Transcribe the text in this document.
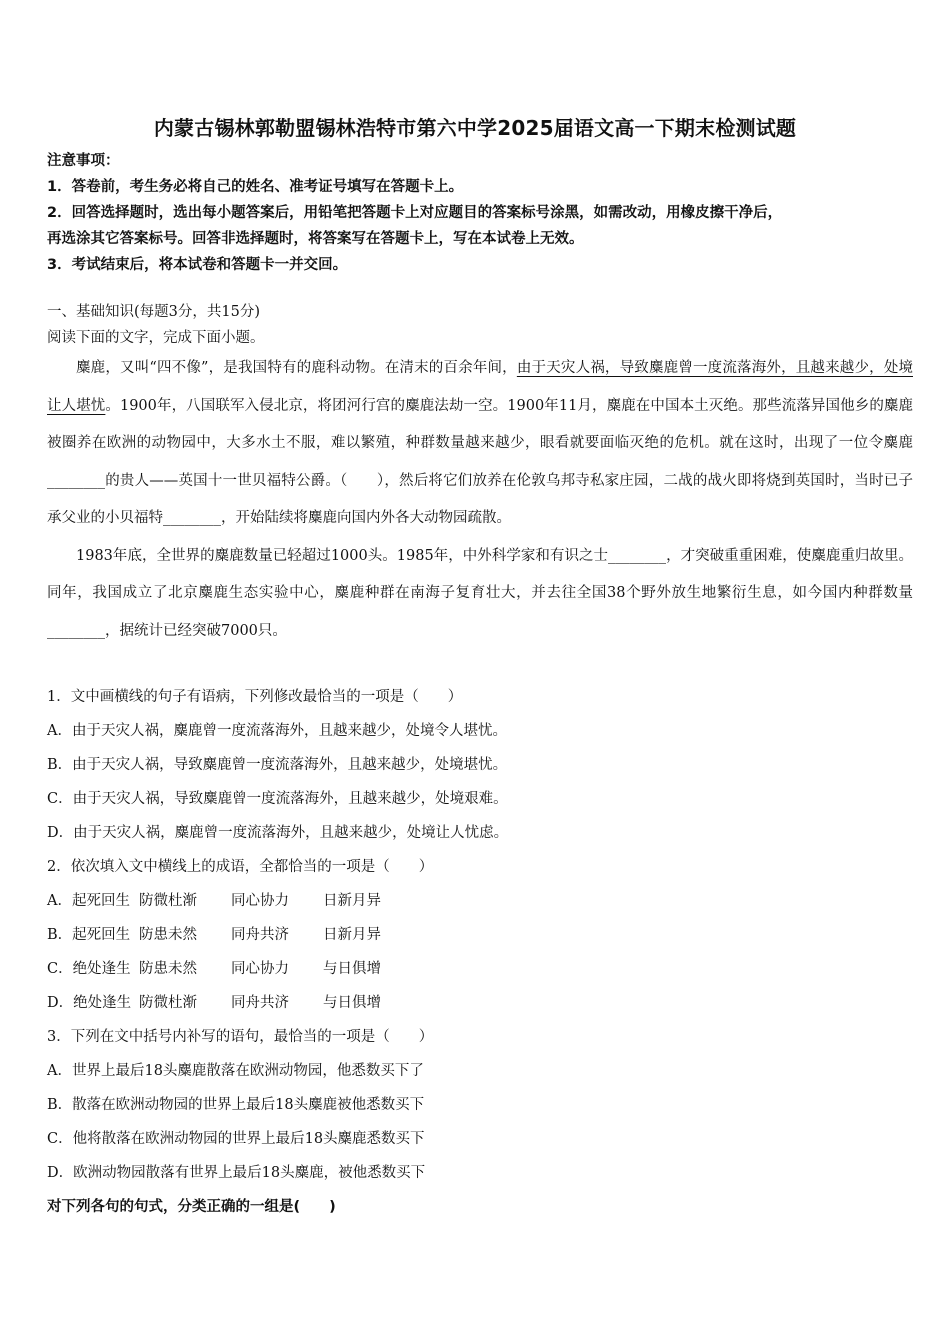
内蒙古锡林郭勒盟锡林浩特市第六中学2025届语文高一下期末检测试题

注意事项：

1．答卷前，考生务必将自己的姓名、准考证号填写在答题卡上。

2．回答选择题时，选出每小题答案后，用铅笔把答题卡上对应题目的答案标号涂黑，如需改动，用橡皮擦干净后，

再选涂其它答案标号。回答非选择题时，将答案写在答题卡上，写在本试卷上无效。

3．考试结束后，将本试卷和答题卡一并交回。

一、基础知识(每题3分，共15分)
阅读下面的文字，完成下面小题。

麋鹿，又叫“四不像”，是我国特有的鹿科动物。在清末的百余年间，由于天灾人祸，导致麋鹿曾一度流落海外，且越来越少，处境让人堪忧。1900年，八国联军入侵北京，将团河行宫的麋鹿法劫一空。1900年11月，麋鹿在中国本土灭绝。那些流落异国他乡的麋鹿被圈养在欧洲的动物园中，大多水土不服，难以繁殖，种群数量越来越少，眼看就要面临灭绝的危机。就在这时，出现了一位令麋鹿________的贵人——英国十一世贝福特公爵。（　　），然后将它们放养在伦敦乌邦寺私家庄园，二战的战火即将烧到英国时，当时已子承父业的小贝福特________，开始陆续将麋鹿向国内外各大动物园疏散。

1983年底，全世界的麋鹿数量已轻超过1000头。1985年，中外科学家和有识之士________，才突破重重困难，使麋鹿重归故里。同年，我国成立了北京麋鹿生态实验中心，麋鹿种群在南海子复育壮大，并去往全国38个野外放生地繁衍生息，如今国内种群数量________，据统计已经突破7000只。

1．文中画横线的句子有语病，下列修改最恰当的一项是（　　）
A．由于天灾人祸，麋鹿曾一度流落海外，且越来越少，处境令人堪忧。
B．由于天灾人祸，导致麋鹿曾一度流落海外，且越来越少，处境堪忧。
C．由于天灾人祸，导致麋鹿曾一度流落海外，且越来越少，处境艰难。
D．由于天灾人祸，麋鹿曾一度流落海外，且越来越少，处境让人忧虑。
2．依次填入文中横线上的成语，全都恰当的一项是（　　）
A．起死回生 防微杜渐 同心协力 日新月异
B．起死回生 防患未然 同舟共济 日新月异
C．绝处逢生 防患未然 同心协力 与日俱增
D．绝处逢生 防微杜渐 同舟共济 与日俱增
3．下列在文中括号内补写的语句，最恰当的一项是（　　）
A．世界上最后18头麋鹿散落在欧洲动物园，他悉数买下了
B．散落在欧洲动物园的世界上最后18头麋鹿被他悉数买下
C．他将散落在欧洲动物园的世界上最后18头麋鹿悉数买下
D．欧洲动物园散落有世界上最后18头麋鹿，被他悉数买下
对下列各句的句式，分类正确的一组是(　　)
